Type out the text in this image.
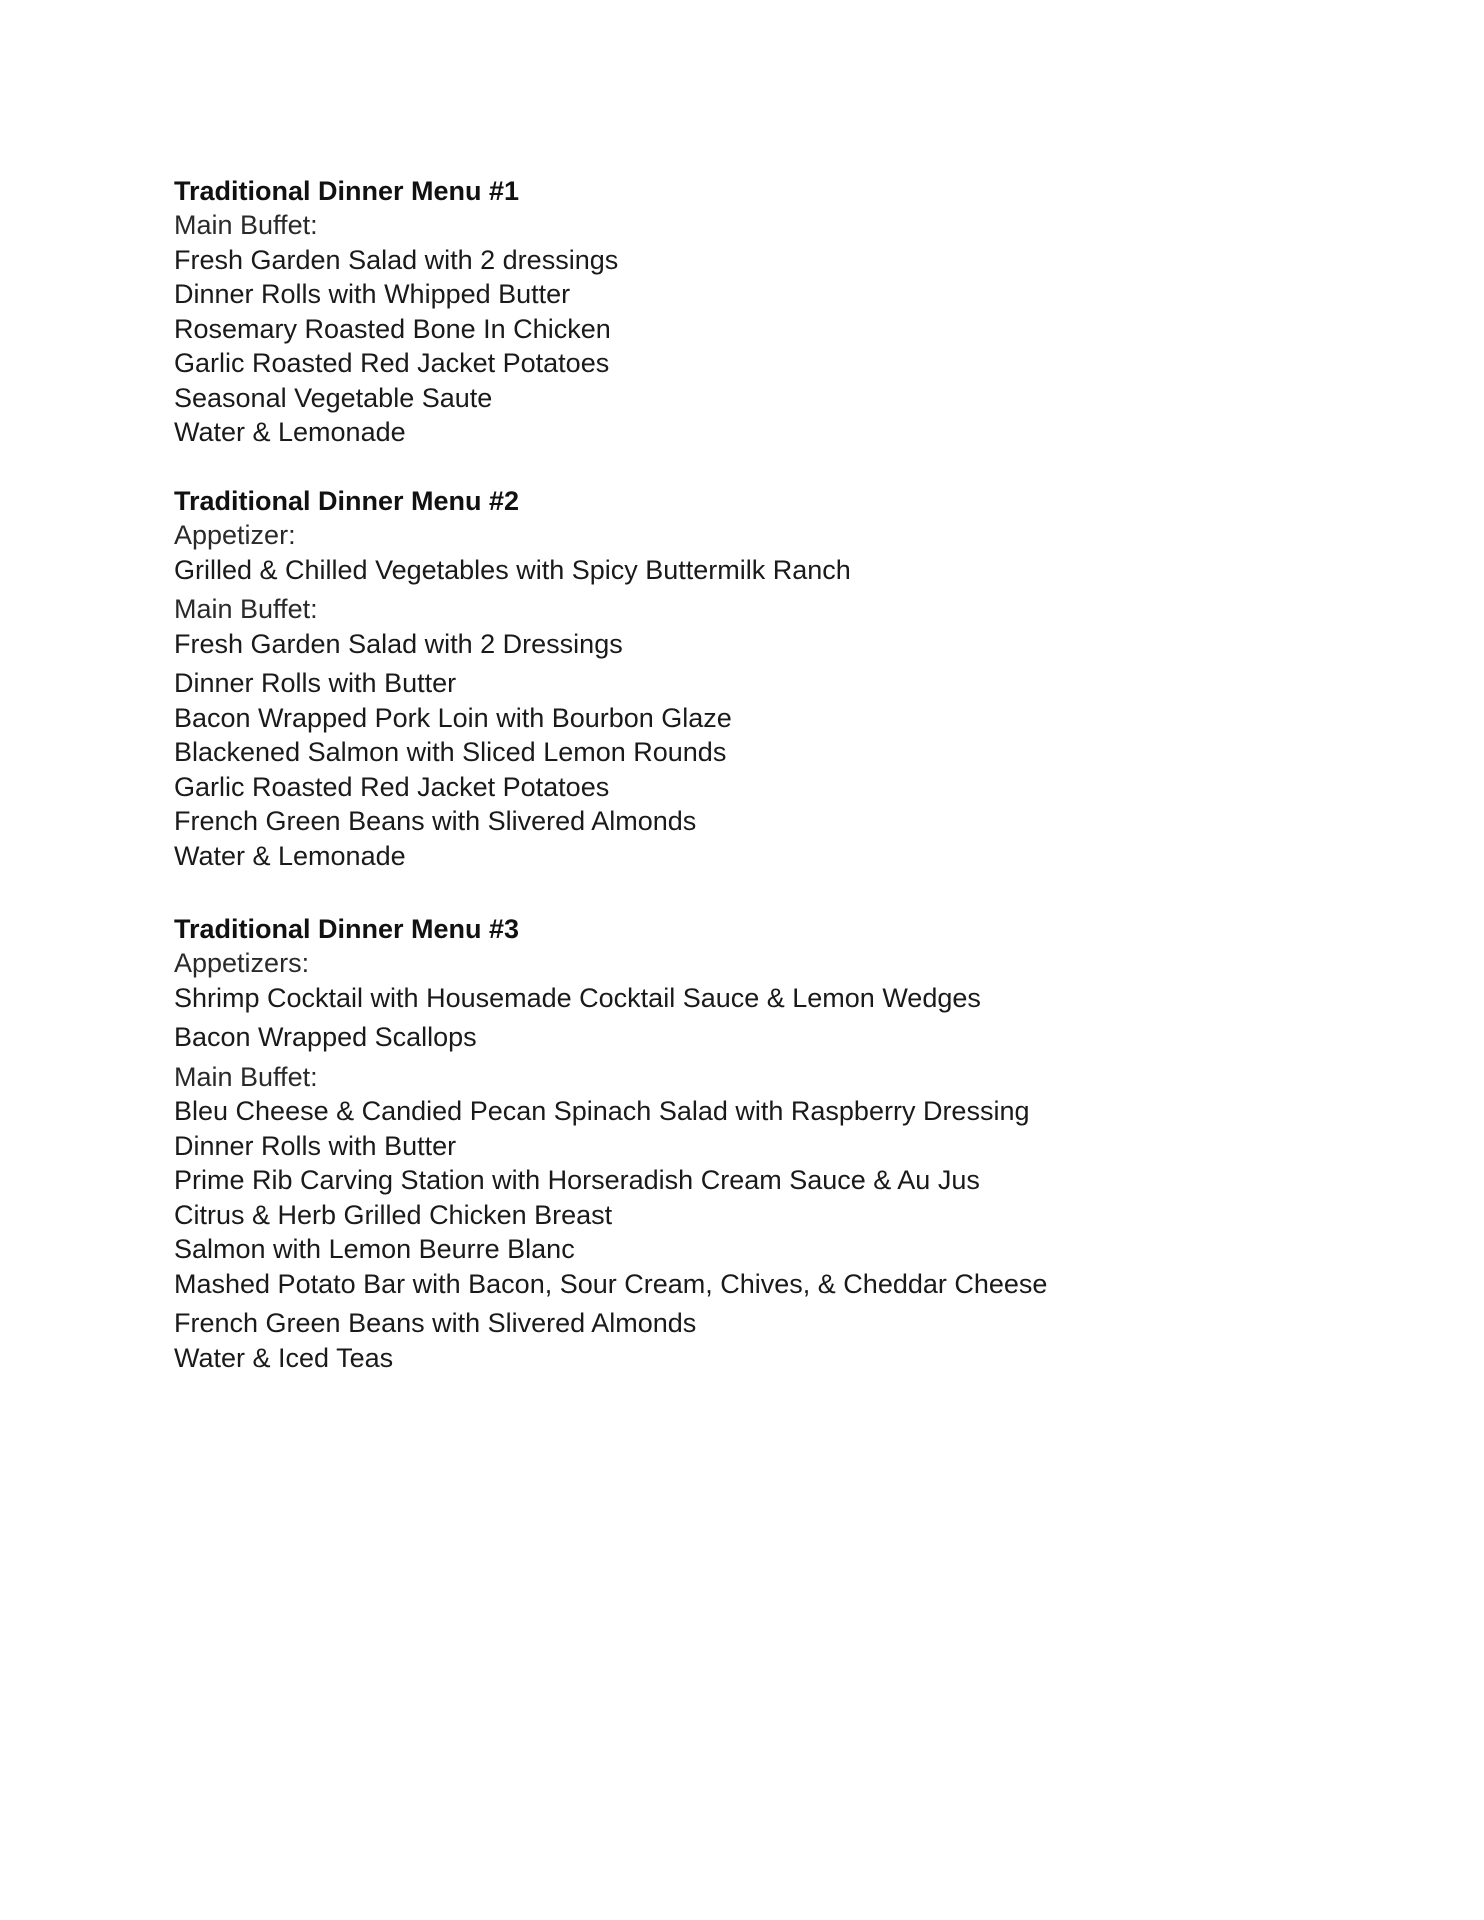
Traditional Dinner Menu #1

Main Buffet:

Fresh Garden Salad with 2 dressings

Dinner Rolls with Whipped Butter

Rosemary Roasted Bone In Chicken

Garlic Roasted Red Jacket Potatoes

Seasonal Vegetable Saute

Water & Lemonade

Traditional Dinner Menu #2

Appetizer:

Grilled & Chilled Vegetables with Spicy Buttermilk Ranch

Main Buffet:

Fresh Garden Salad with 2 Dressings

Dinner Rolls with Butter

Bacon Wrapped Pork Loin with Bourbon Glaze

Blackened Salmon with Sliced Lemon Rounds

Garlic Roasted Red Jacket Potatoes

French Green Beans with Slivered Almonds

Water & Lemonade

Traditional Dinner Menu #3

Appetizers:

Shrimp Cocktail with Housemade Cocktail Sauce & Lemon Wedges

Bacon Wrapped Scallops

Main Buffet:

Bleu Cheese & Candied Pecan Spinach Salad with Raspberry Dressing

Dinner Rolls with Butter

Prime Rib Carving Station with Horseradish Cream Sauce & Au Jus

Citrus & Herb Grilled Chicken Breast

Salmon with Lemon Beurre Blanc

Mashed Potato Bar with Bacon, Sour Cream, Chives, & Cheddar Cheese

French Green Beans with Slivered Almonds

Water & Iced Teas
